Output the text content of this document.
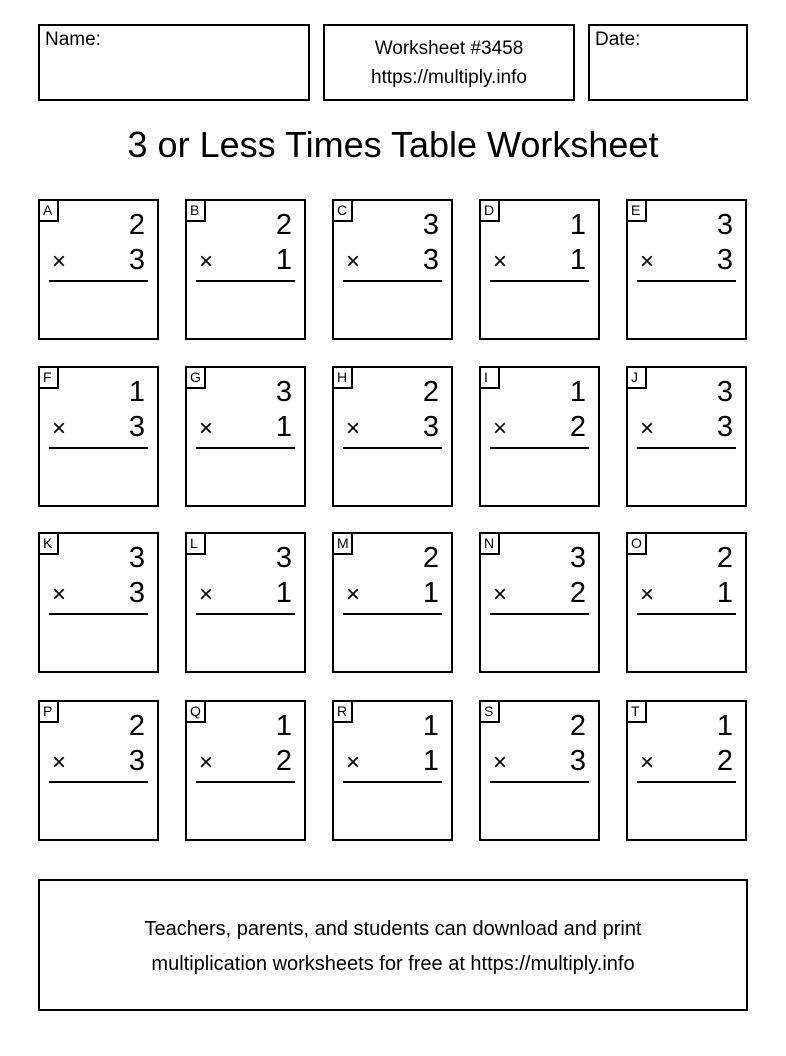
Name:	Worksheet #3458
https://multiply.info
Date:
3 or Less Times Table Worksheet
A	2
× 3
B	2
× 1
C	3
× 3
D	1
× 1
E	3
× 3
F	1
× 3
G	3
× 1
H	2
× 3
I	1
× 2
J	3
× 3
K	3
× 3
L	3
× 1
M	2
× 1
N	3
× 2
O	2
× 1
P	2
× 3
Q	1
× 2
R	1
× 1
S	2
× 3
T	1
× 2
Teachers, parents, and students can download and print
multiplication worksheets for free at https://multiply.info
